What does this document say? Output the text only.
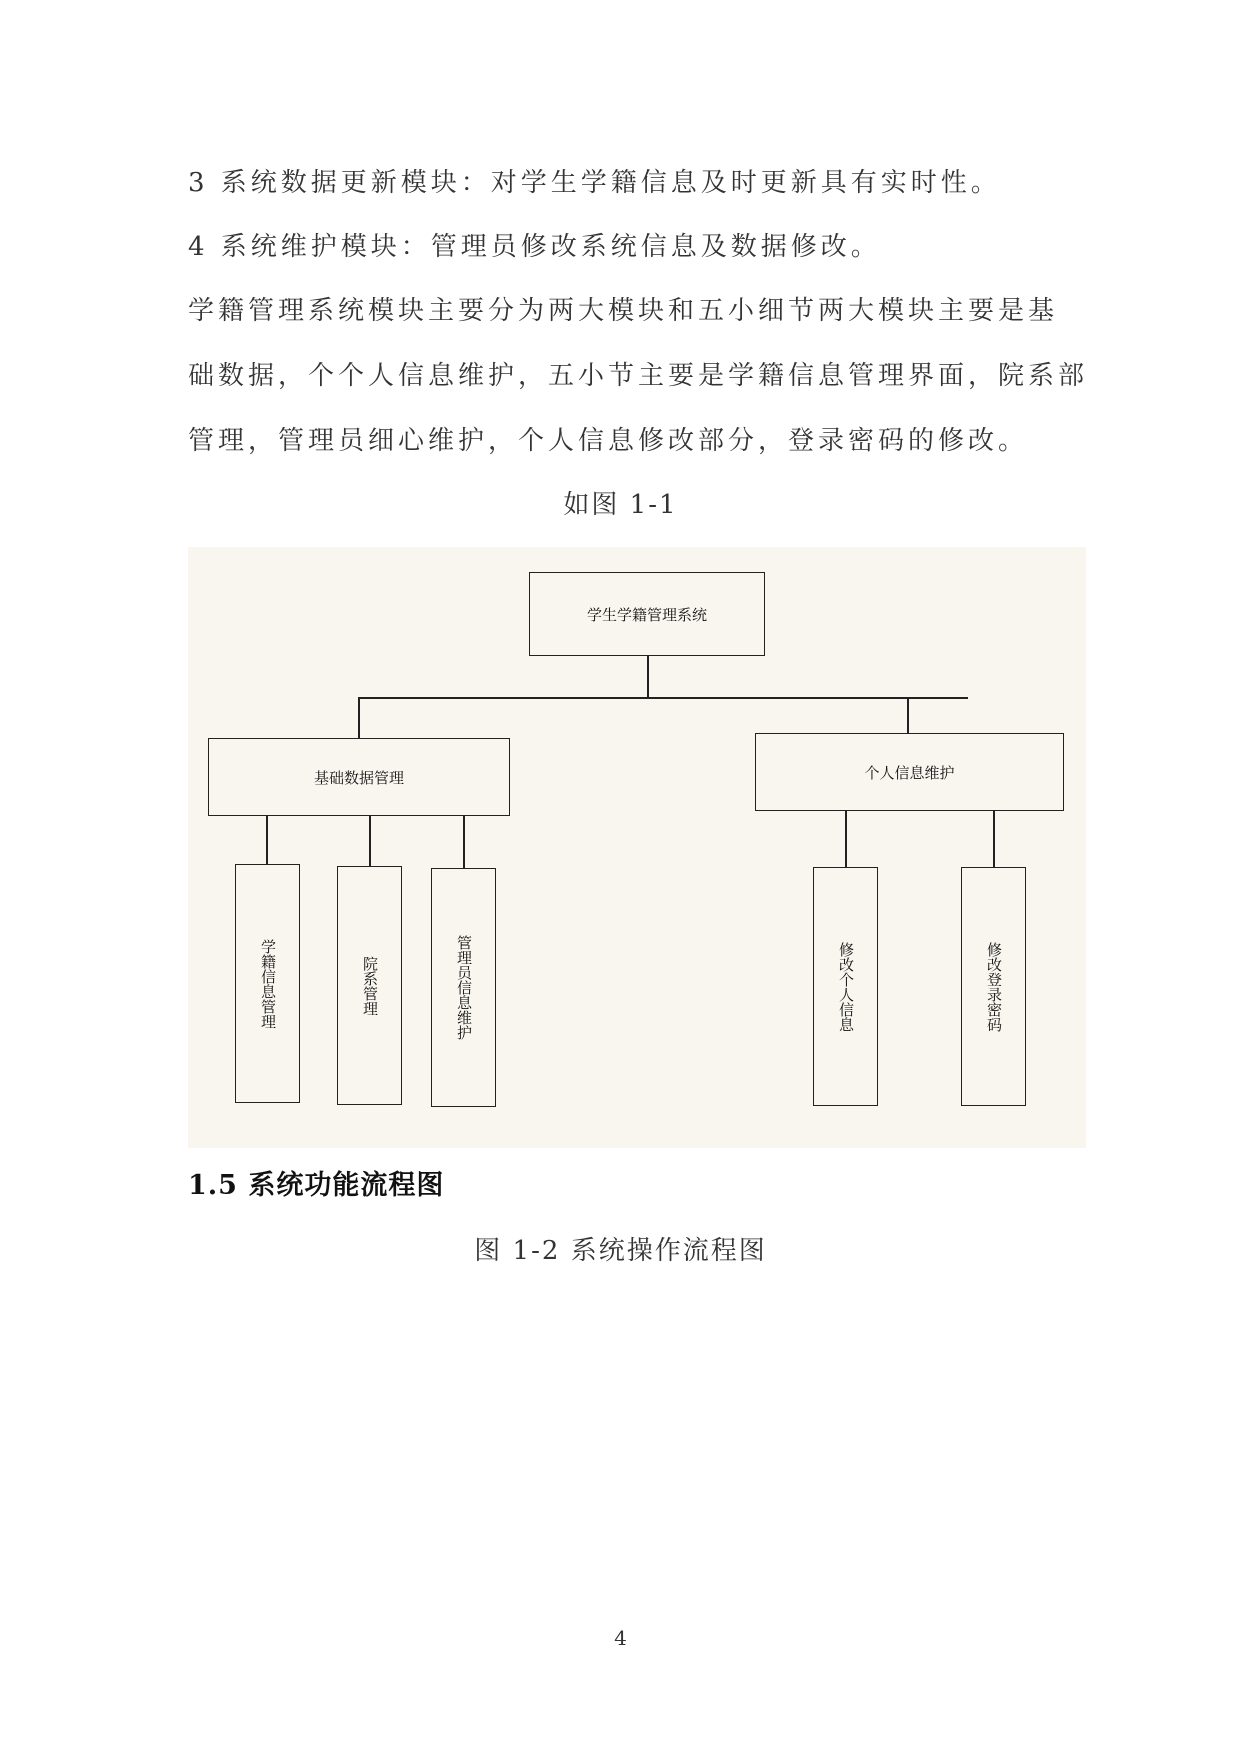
3 系统数据更新模块：对学生学籍信息及时更新具有实时性。
4 系统维护模块：管理员修改系统信息及数据修改。
学籍管理系统模块主要分为两大模块和五小细节两大模块主要是基
础数据，个个人信息维护，五小节主要是学籍信息管理界面，院系部
管理，管理员细心维护，个人信息修改部分，登录密码的修改。
如图 1-1
学生学籍管理系统
基础数据管理	个人信息维护
学籍信息管理	院系管理	管理员信息维护	修改个人信息	修改登录密码
1.5 系统功能流程图
图 1-2 系统操作流程图
4
